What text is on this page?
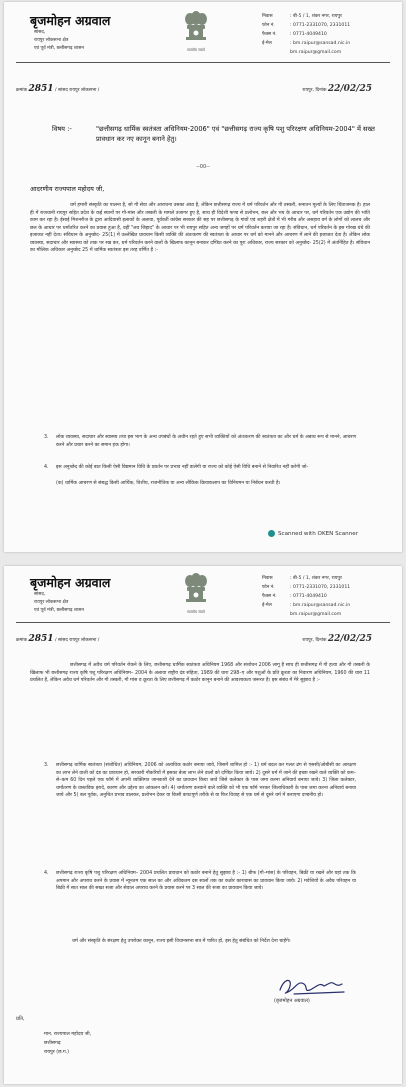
बृजमोहन अग्रवाल
सांसद,
रायपुर लोकसभा क्षेत्र
एवं पूर्व मंत्री, छत्तीसगढ़ शासन	सत्यमेव जयते
निवास	: बी-5 / 1, शंकर नगर, रायपुर
फोन नं.	: 0771-2331070, 2331011
फैक्स नं.	: 0771-4049410
ई-मेल	: bm.raipur@sansad.nic.in
bm.raipur@gmail.com
क्रमांक 2851 / सांसद रायपुर लोकसभा /	रायपुर, दिनांक 22/02/25
विषय :-	"छत्तीसगढ़ धार्मिक स्वतंत्रता अधिनियम-2006" एवं "छत्तीसगढ़ राज्य कृषि पशु परिरक्षण अधिनियम-2004" में सख्त प्रावधान कर नए कानून बनाने हेतु।
--00--
आदरणीय राज्यपाल महोदय जी,
धर्म हमारी संस्कृति का पालना है, सो गौ सेवा और आराधना उसका अंग्र्य है, लेकिन छत्तीसगढ़ राज्य में धर्म परिवर्तन और गौ तस्करी, सनातन मूल्यों के लिए चिंताजनक है। हाल ही में राजधानी रायपुर सहित प्रदेश के कई स्थानों पर गौ-मांस और तस्करी के मामले उजागर हुए है, साथ ही विदेशी फण्ड से प्रलोभन, छल और भय के आधार पर, धर्म परिवर्तन एक उद्योग की भांति काम कर रहा है। ईसाई मिशनरीज के द्वारा आदिवासी इलाकों के अलावा, पूर्ववर्ती कांग्रेस सरकार की सह पर छत्तीसगढ़ के गांवों एवं शहरी क्षेत्रों में भी गरीब और असहाय वर्ग के लोगों को लालच और छल के आधार पर धर्मांतरित करने का प्रयास हुआ है, वहीं "लव जिहाद" के आधार पर भी रायपुर सहित अन्य जगहों पर धर्म परिवर्तन कराया जा रहा है। संविधान, धर्म परिवर्तन के इस गोरख धंधे की इजाजत नहीं देता। संविधान के अनुच्छेद- 25(1) में उल्लेखित प्रावधान किसी व्यक्ति की अंतःकरण की स्वतंत्रता के आधार पर धर्म को मानने और आचरण में लाने की इजाजत देता है। लेकिन लोक व्यवस्था, सदाचार और स्वास्थ्य को ताक पर रख कर, धर्म परिवर्तन करने वालों के खिलाफ कानून बनाकर दण्डित करने का पूरा अधिकार, राज्य सरकार को अनुच्छेद- 25(2) में अंतर्निहित है। संविधान का मौलिक अधिकार अनुच्छेद 25 में धार्मिक स्वतंत्रता इस तरह वर्णित है :-
3. लोक व्यवस्था, सदाचार और स्वास्थ्य तथा इस भाग के अन्य उपबंधों के अधीन रहते हुए सभी व्यक्तियों को अंतःकरण की स्वतंत्रता का और धर्म के अबाध रूप से मानने, आचरण करने और प्रचार करने का समान हक होगा।
4. इस अनुच्छेद की कोई बात किसी ऐसी विद्यमान विधि के प्रवर्तन पर प्रभाव नहीं डालेगी या राज्य को कोई ऐसी विधि बनाने से निवारित नहीं करेगी जो-
(क) धार्मिक आचरण से संबद्ध किसी आर्थिक, वित्तीय, राजनीतिक या अन्य लौकिक क्रियाकलाप का विनियमन या निर्बंधन करती है।
Scanned with OKEN Scanner
बृजमोहन अग्रवाल
सांसद,
रायपुर लोकसभा क्षेत्र
एवं पूर्व मंत्री, छत्तीसगढ़ शासन	सत्यमेव जयते
निवास	: बी-5 / 1, शंकर नगर, रायपुर
फोन नं.	: 0771-2331070, 2331011
फैक्स नं.	: 0771-4049410
ई-मेल	: bm.raipur@sansad.nic.in
bm.raipur@gmail.com
क्रमांक 2851 / सांसद रायपुर लोकसभा /	रायपुर, दिनांक 22/02/25
छत्तीसगढ़ में अवैध धर्म परिवर्तन रोकने के लिए, छत्तीसगढ़ धार्मिक स्वतंत्रता अधिनियम 1968 और संशोधन 2006 लागू है साथ ही छत्तीसगढ़ में गौ हत्या और गौ तस्करी के खिलाफ भी छत्तीसगढ़ राज्य कृषि पशु परिरक्षण अधिनियम– 2004 के अलावा राष्ट्रीय दंड संहिता, 1989 की धारा 298–ए और पशुओं के प्रति क्रूरता का निवारण अधिनियम, 1960 की धारा 11 प्रचलित है, लेकिन अवैध धर्म परिवर्तन और गौ तस्करी, गौ मांस व क्रूरता के लिए छत्तीसगढ़ में कठोर कानून बनाने की आवश्यकता जरूरत है। इस संबंध में मेरे सुझाव है :-
3. छत्तीसगढ़ धार्मिक स्वतंत्रता (संशोधित) अधिनियम, 2006 को अत्यधिक कठोर बनाया जाये, जिसमें शामिल हो :- 1) धर्म बदल कर गलत ढंग से एससी/ओबीसी का आरक्षण का लाभ लेने वाली को दंड का प्रावधान हो, सरकारी नौकरियों में इसका बेजा लाभ लेने वालों को दण्डित किया जाये। 2) दूसरे धर्म में जाने की इच्छा रखने वाले व्यक्ति को कम–से–कम 60 दिन पहले एक फॉर्म में अपनी व्यक्तिगत जानकारी देने का प्रावधान किया जावे जिसे कलेक्टर के पास जमा करना अनिवार्य बनाया जाये। 3) जिला कलेक्टर, धर्मांतरण के वास्तविक इरादे, कारण और उद्देश्य का आंकलन करें। 4) धर्मांतरण करवाने वाले व्यक्ति को भी एक फॉर्म भरकर जिलाधिकारी के पास जमा करना अनिवार्य बनाया जाये और 5) बल पूर्वक, अनुचित प्रभाव डालकर, प्रलोभन देकर या किसी कपटपूर्ण तरीके से या फिर विवाह से एक धर्म से दूसरे धर्म में कराएगा दण्डनीय हो।
4. छत्तीसगढ़ राज्य कृषि पशु परिरक्षण अधिनियम– 2004 प्रचलित प्रावधान को कठोर बनाने हेतु सुझाव है :- 1) बीफ (गौ–मांस) के परिवहन, बिक्री या रखने और यहां तक कि अपमान और अपराध करने के प्रयास में न्यूनतम एक साल का और अधिकतम दस सालों तक का कठोर कारावास का प्रावधान किया जाये। 2) मवेशियों के अवैध परिवहन या बिक्री में सात साल की सख्त सजा और सेवाल अपराध करने के प्रयास करने पर 3 साल की सजा का प्रावधान किया जाये।
धर्म और संस्कृति के संरक्षण हेतु उपरोक्त कानून, राज्य इसी विधानसभा सत्र में पारित हो, इस हेतु संबंधित को निर्देश देना चाहेंगे।
(बृजमोहन अग्रवाल)
प्रति,
मान. राज्यपाल महोदय जी,
छत्तीसगढ़
रायपुर (छ.ग.)
